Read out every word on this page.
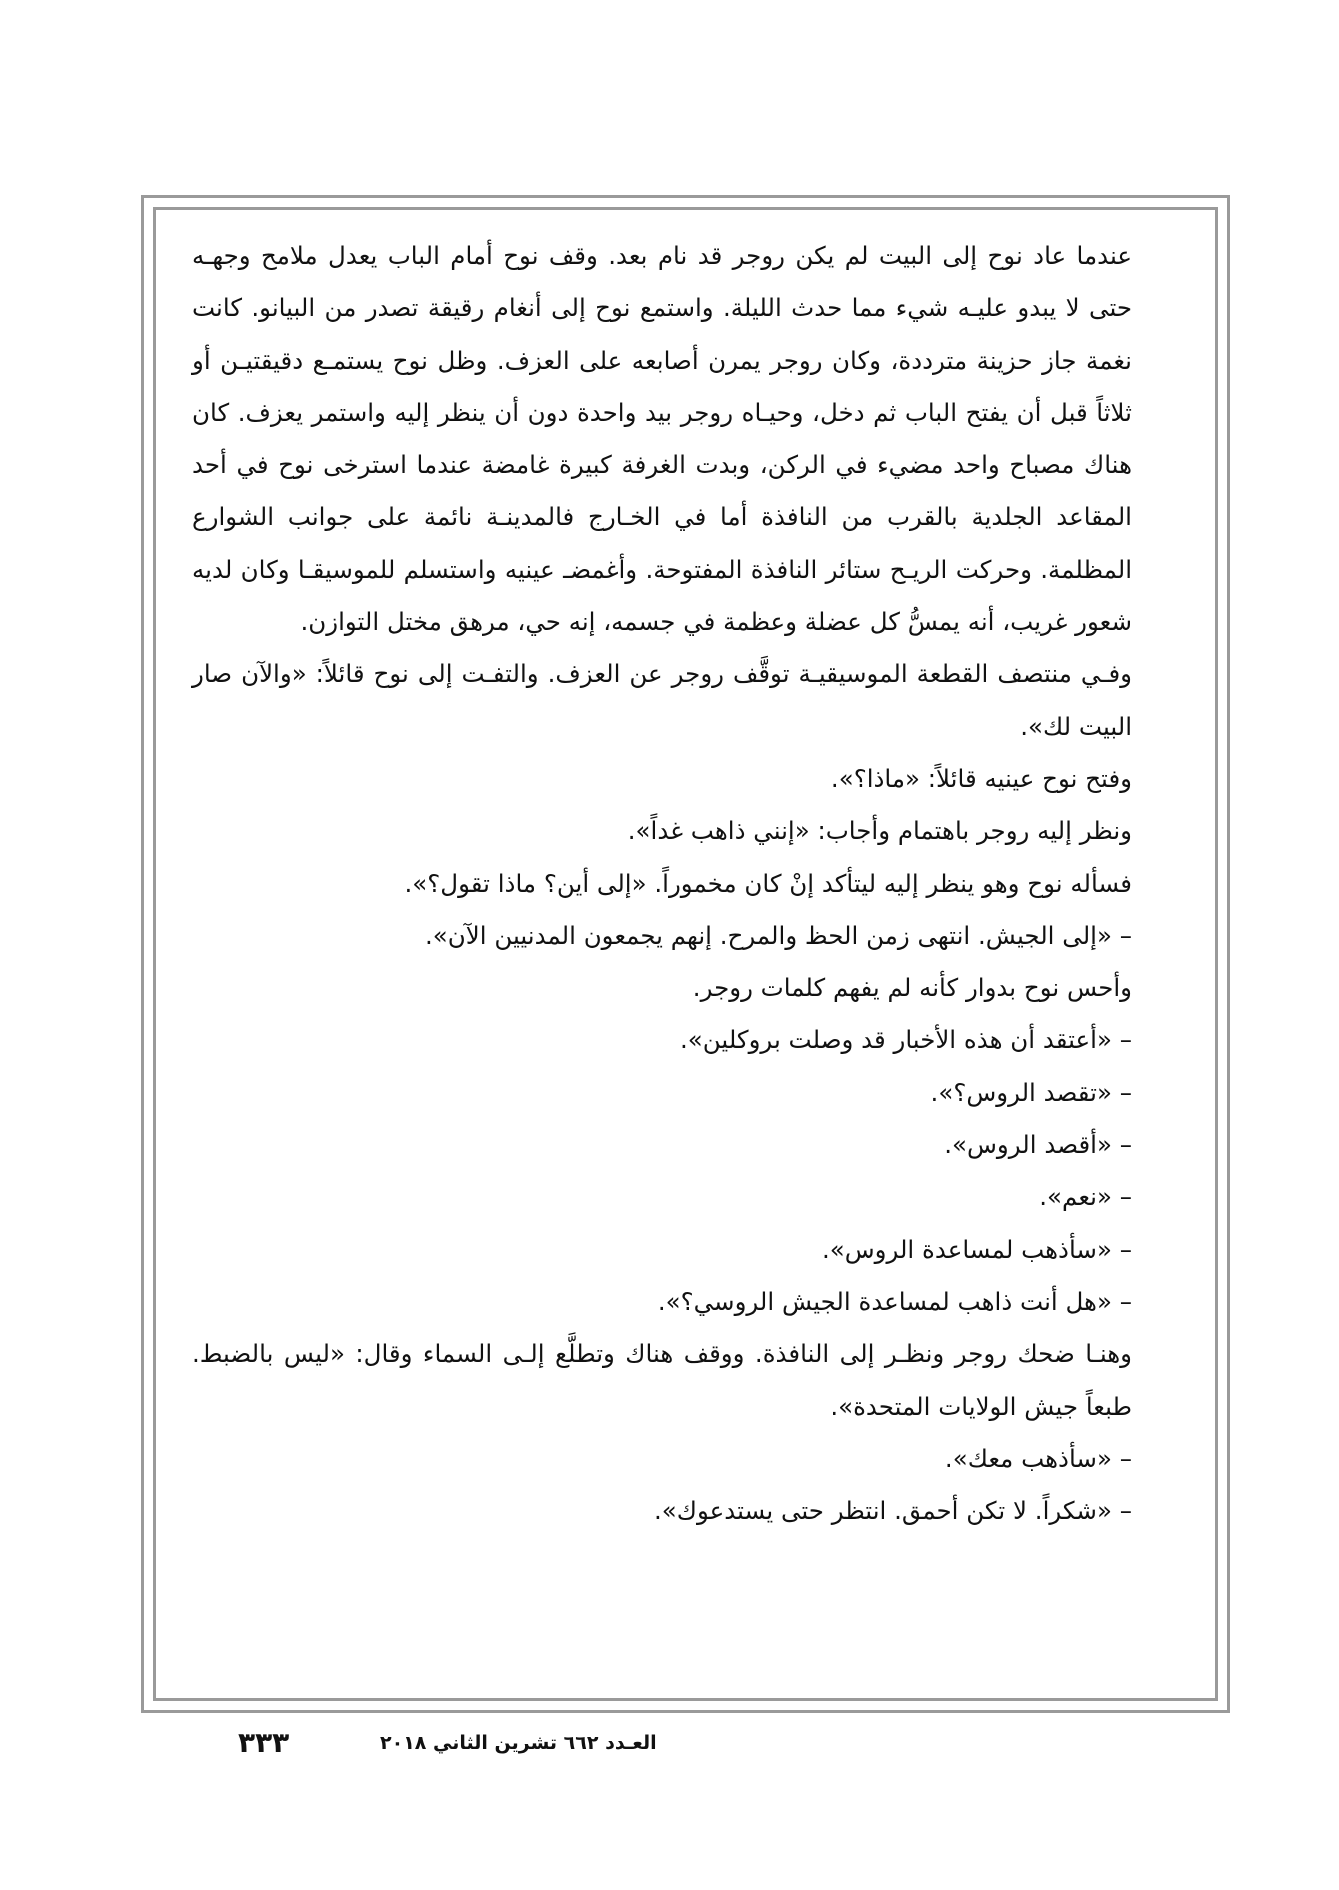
عندما عاد نوح إلى البيت لم يكن روجر قد نام بعد. وقف نوح أمام الباب يعدل ملامح وجهـه حتى لا يبدو عليـه شيء مما حدث الليلة. واستمع نوح إلى أنغام رقيقة تصدر من البيانو. كانت نغمة جاز حزينة مترددة، وكان روجر يمرن أصابعه على العزف. وظل نوح يستمـع دقيقتيـن أو ثلاثاً قبل أن يفتح الباب ثم دخل، وحيـاه روجر بيد واحدة دون أن ينظر إليه واستمر يعزف. كان هناك مصباح واحد مضيء في الركن، وبدت الغرفة كبيرة غامضة عندما استرخى نوح في أحد المقاعد الجلدية بالقرب من النافذة أما في الخـارج فالمدينـة نائمة على جوانب الشوارع المظلمة. وحركت الريـح ستائر النافذة المفتوحة. وأغمضـ عينيه واستسلم للموسيقـا وكان لديه شعور غريب، أنه يمسُّ كل عضلة وعظمة في جسمه، إنه حي، مرهق مختل التوازن.

وفـي منتصف القطعة الموسيقيـة توقَّف روجر عن العزف. والتفـت إلى نوح قائلاً: «والآن صار البيت لك».

وفتح نوح عينيه قائلاً: «ماذا؟».

ونظر إليه روجر باهتمام وأجاب: «إنني ذاهب غداً».

فسأله نوح وهو ينظر إليه ليتأكد إنْ كان مخموراً. «إلى أين؟ ماذا تقول؟».

– «إلى الجيش. انتهى زمن الحظ والمرح. إنهم يجمعون المدنيين الآن».

وأحس نوح بدوار كأنه لم يفهم كلمات روجر.

– «أعتقد أن هذه الأخبار قد وصلت بروكلين».

– «تقصد الروس؟».

– «أقصد الروس».

– «نعم».

– «سأذهب لمساعدة الروس».

– «هل أنت ذاهب لمساعدة الجيش الروسي؟».

وهنـا ضحك روجر ونظـر إلى النافذة. ووقف هناك وتطلَّع إلـى السماء وقال: «ليس بالضبط. طبعاً جيش الولايات المتحدة».

– «سأذهب معك».

– «شكراً. لا تكن أحمق. انتظر حتى يستدعوك».

العـدد ٦٦٢ تشرين الثاني ٢٠١٨
٣٣٣
